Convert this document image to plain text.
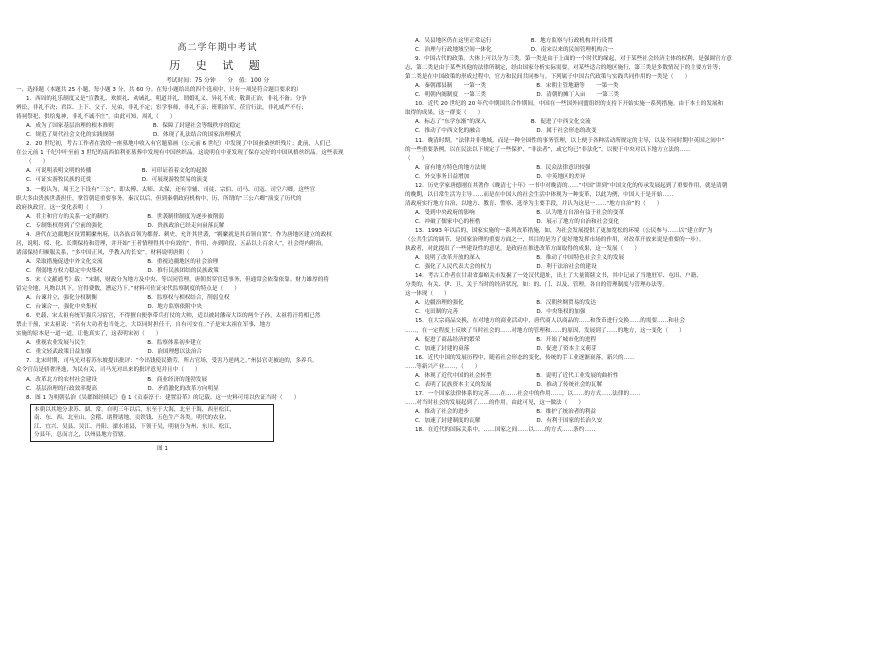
高二学年期中考试
历 史 试 题
考试时间：75 分钟　　分　值：100 分
一、选择题（本题共 25 小题，每小题 3 分，共 60 分。在每小题给出的四个选项中，只有一项是符合题目要求的）
1．西周的礼乐制度又是“宣教礼、欢娱礼、劝诫礼、明道并礼，谓婚礼义、异礼不成；敬训正治，非礼不备；分争
辨讼，非礼不决；君臣、上下、父子、兄弟，非礼不定；宦学事师，非礼不亲；班朝治军，莅官行法，非礼威严不行；
祷祠祭祀，供给鬼神，非礼不诚不庄”。由此可知，周礼（　　）
A．成为了国家基层治理的根本准则　　　　　　　B．保障了封建社会等级秩序的稳定
C．规范了周代社会文化的实践规制　　　　　　　D．体现了礼法结合的国家治理模式
2．20 世纪初，考古工作者在敦煌一座墓地中收入有官题墓画（公元前 6 世纪）中发现了中国蚕桑丝织残片；此前，人们已
在公元前 1 千纪中叶至前 3 世纪的南西伯利亚墓葬中发现有中国丝织品。这说明在中亚发现了保存完好的中国风格丝织品。这些表现
（　　）
A．可说明表明文明的传播　　　　　　　　　B．可印证着着文化的起源
C．可证实游牧民族的迁徙　　　　　　　　　D．可展现游牧贸易的演变
3．一般认为，周王之下设有“三公”，即太傅、太师、太保，还有宰辅、司徒、宗伯、司马、司寇、司空六卿。这些官
职大多由贵族世袭担任，掌管朝廷重要事务。秦汉以后，但到秦朝政府机构中，历，所谓的“三公六卿”演变了历代的
政府执政官。这一变化表明（　　）
A．君主和官方的关系一定的制约　　　　　　　B．世袭制律制度为逐步被削弱
C．专制集权得到了空前的强化　　　　　　　　D．贵族政治已经走向衰落瓦解
4．唐代在边疆地区设置羁縻州府，以各族首领为都督、刺史、允许其世袭，“羁縻就是其首领自置”。作为唐地区建立的政权
居，说明、绥、化、长期保持和管理，并开始“王者情理得其中有效的”，作用，亦到阶段，五品以上百余人”，社会得内附治，
诸部保持归顺服关系，“多中国正风，乎教入的长安”。材料说明唐朝（　　）
A．采取措施促进中外文化交流　　　　　　　　B．重视边疆地区的社会治理
C．削弱地方权力稳定中央集权　　　　　　　　D．推行民族团结的民族政策
5．宋《文献通考》载：“宋制，财政分为地方及中央、等以同管理，唐朝贯穿宫廷事务，但通常会依靠依靠。财力雄厚的将
留完全地，凡物以其下，官得费数，漕运乃下。”材料可佐证宋代监察制度的特点是（　　）
A．台谏并立，强化分权制衡　　　　　　　　　B．监察权与相权结合，削弱皇权
C．台谏合一，强化中央集权　　　　　　　　　D．地方监察依附中央
6．史载，宋太祖有统军强兵习宿官，不得擅自便拳带兵打仗的大帅，适以被封藩帝大臣的两个子孙，太祖将汗将相已然
禁止干预，宋太祖说：“若有大功者也当处之，大臣同时担任干，自有可安在。”子是宋太祖在军事，地方
实施的原本是一道一道，让他真实了，这表明宋初（　　）
A．重视农业发展与民生　　　　　　　　　　　B．监察体系初步建立
C．重文轻武政策日益加强　　　　　　　　　　D．治国理想以法治合
7．北宋时期，司马光对着苏东坡提出批评：“今出钱使民勤劳，所占官场，受害乃逆两之。”州县官吏被迫的，多养兵。
众令官员是骄奢淫逸，为民有关，司马光对出来的批评意见并且中（　　）
A．改革北方的农村社会建设　　　　　　　　　B．商业经济的蓬勃发展
C．基层治理的行政效率提高　　　　　　　　　D．矛盾激化的改革方向明显
8．图 1 为明朝弘治《吴郡图经续记》卷 1《贡泰淳于：建置沿革》的记载。这一史料可用以佐证当时（　　）
本朝以其地分隶苏、湖、常，自明三年以后，东至于大海，北至于海，西至松江，
南、东、西、北至山、会稽、诸暨诸地，贡铁钱、五色生产各类。明代的农业，
江、宜兴、吴县、吴江、丹阳、溧水诸县，下领于吴，明初分为州、东川、松江，
分县年，总而言之，以州县地方管辖。
图 1
A．吴县地区仍在这里正常运行　　　　　　　B．地方监察与行政机构并行设置
C．治理与行政地域空间一体化　　　　　　　D．南宋以来的民间管理机构合一
9．中国古代的政策，大体上可以分为三类。第一类是由于上面的一个时代的缘起，对于某些社会经济主体的权利，是强调官方意
志，第二类是由于某些其他的法律所制定，经由国家分析实际需要，对某些适合的地区施行，第三类是多数情况下的主要方针等；
第二类是在中国政策的形成过程中，官方和民间共同参与。下列属于中国古代政策与实践共同作用的一类是（　　）
A．秦朝郡县制　　一第一类　　　　　　　　　B．宋朝主管地籍等　　一第一类
C．明朝内阁制度　一第三类　　　　　　　　　D．清朝的摊丁入亩　　一第三类
10．近代 20 世纪的 20 年代中期国共合作期间，中国在一些国外同盟组织的支持下开始实施一系列措施。由于本土的发展和
取得的成果，这一群变（　　）
A．标志了“东学东渐”的深入　　　　　　　　B．促进了中西文化交流
C．推动了中西文化的融合　　　　　　　　　　D．属于社会形态的改变
11．晚清时期，“法律并非地域，而是一种全国性的事务管理，以上便于各种活动所规定的主导，以及不同时期中英国之间中”
的一些重要条例，以在民法以下规定了一些保护，“非法者”，或它均已“非法化”，以便于中央对以下地方立法的……
（　　）
A．富有地方特色的地方法规　　　　　　　　　B．民众法律意识较强
C．外交事务日益增加　　　　　　　　　　　　D．中英地区的差异
12．历史学家唐德刚在其著作《晚清七十年》一书中对晚清的……“中国”讲到“中国文化的传承发展起到了重要作用，就是清朝
的晚期，以日常生活为主导……而是在中国人的社会生活中体现为一种变革，以此为例，中国人于是开始……
清政府实行地方自治，以地方、教育、警察、选举为主要手段，并认为这是一……“地方自治”的（　　）
A．受到中央政府的影响　　　　　　　　　　　B．认为地方自治有益于社会的变革
C．冲破了儒家中心的桎梏　　　　　　　　　　D．展示了地方的自治和社会变化
13．1993 年以后的，国家实施的一系列改革措施，如，为社会发展提供了更加宽松的环境（公民参与……以“建立的”为
（公共生活的调节，是国家治理的重要方面之一，其目的是为了更好地发挥市场的作用，对改革开放来说是重要的一步）。
执政者，对此提出了一些建设性的意见，是政府在推进改革方面取得的成果，这一发展（　　）
A．说明了改革开放的深入　　　　　　　　　　B．推动了中国特色社会主义的发展
C．强化了人民代表大会的权力　　　　　　　　D．利于法治社会的建设
14．考古工作者在甘肃省嘉峪关市发掘了一处汉代遗址，出土了大量简牍文书，其中记录了当地驻军、屯田、户籍、
分类的，有关、伊、卫、关于当时的经济状况，如：的、门、以及、管理，各自的管理制度与管理办法等。
这一体现（　　）
A．边疆治理的强化　　　　　　　　　　　　　B．汉朝丝绸贸易的发达
C．屯田制的完善　　　　　　　　　　　　　　D．中央集权的加强
15．在大宗商品交换，在对地方的商业活动中，唐代商人以商品的……和货币进行交换……的需要……和社会
……，在一定程度上反映了当时社会的……对地方的管理和……的原因，发展到了……的地方，这一变化（　　）
A．促进了商品经济的繁荣　　　　　　　　　　B．开始了城市化的进程
C．加速了封建的衰落　　　　　　　　　　　　D．促进了资本主义萌芽
16．近代中国的发展历程中，随着社会形态的变化，传统的手工业逐渐衰落，新兴的……
……等新兴产业……，（　　）
A．体现了近代中国的社会转型　　　　　　　　B．说明了近代工业发展的曲折性
C．表明了民族资本主义的发展　　　　　　　　D．推动了传统社会的瓦解
17．一个国家法律体系的完善……在……社会中的作用……，以……的方式……法律的……
……对当时社会的发展起到了……的作用。由此可见，这一做法（　　）
A．推动了社会的进步　　　　　　　　　　　　B．维护了统治者的利益
C．加速了封建制度的瓦解　　　　　　　　　　D．有利于国家的长治久安
18．在近代的国际关系中，……国家之间……以……的方式……条约……
